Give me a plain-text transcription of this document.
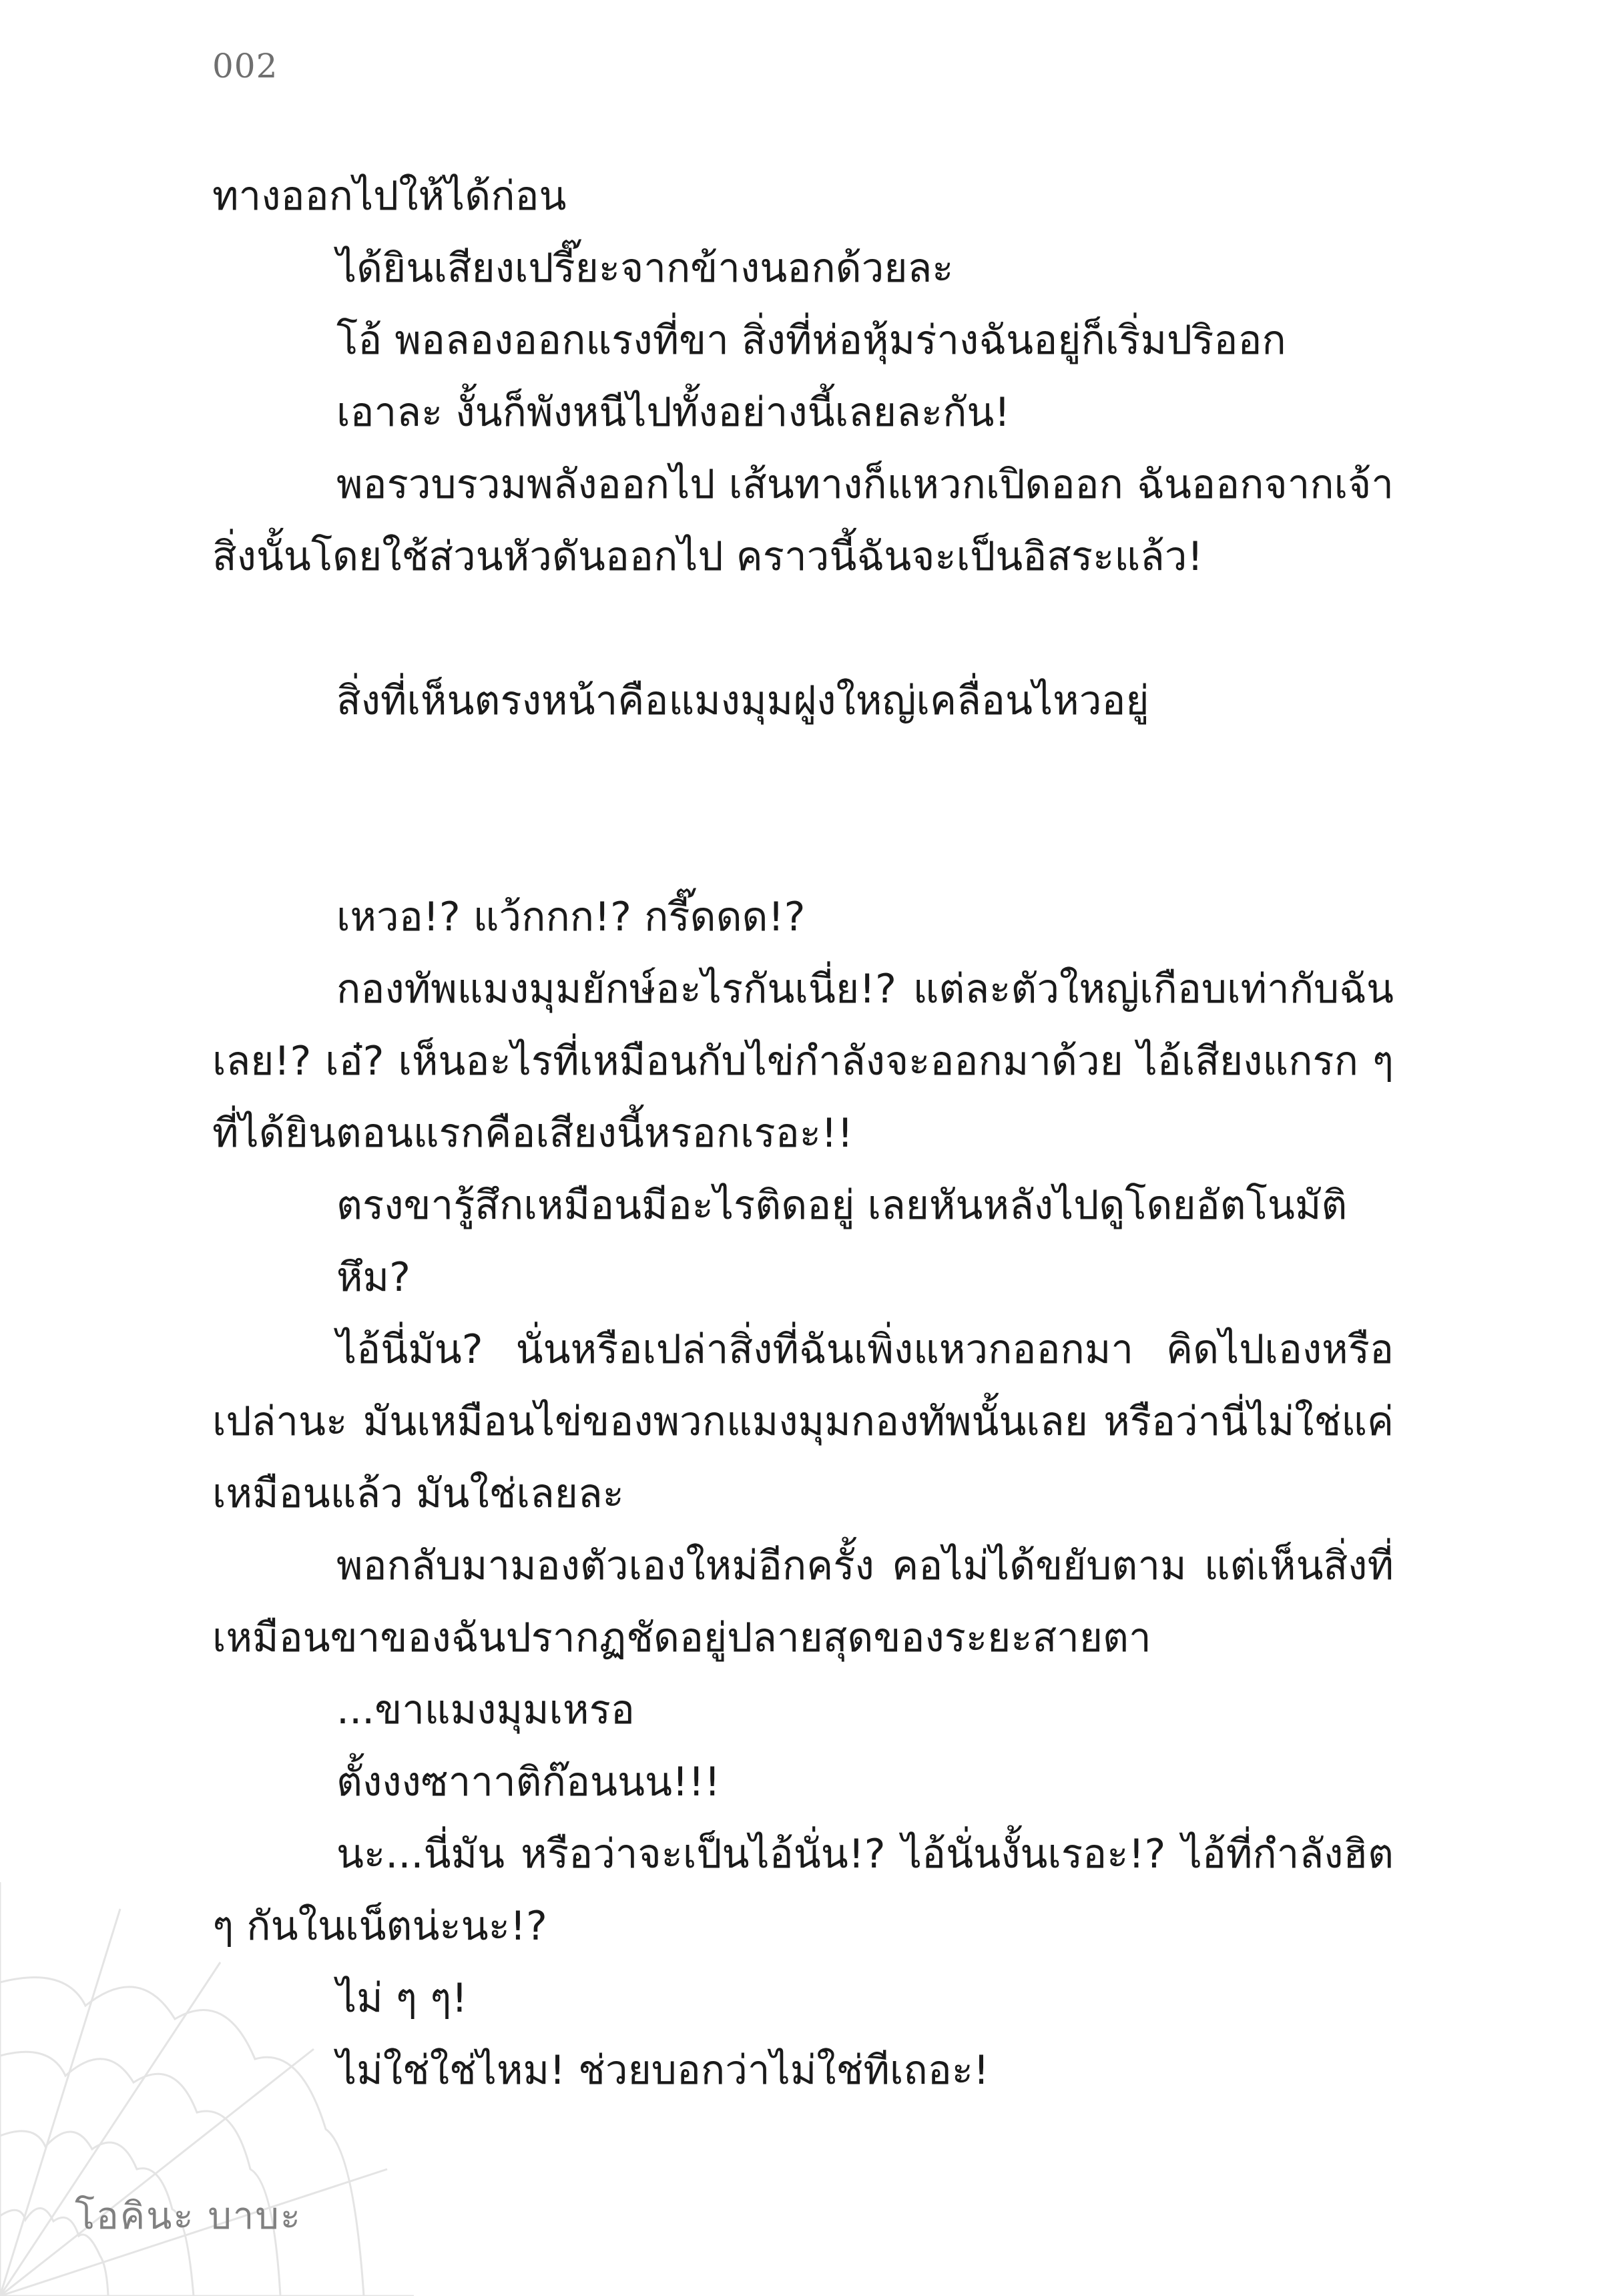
002

ทางออกไปให้ได้ก่อน

ได้ยินเสียงเปรี๊ยะจากข้างนอกด้วยละ

โอ้ พอลองออกแรงที่ขา สิ่งที่ห่อหุ้มร่างฉันอยู่ก็เริ่มปริออก

เอาละ งั้นก็พังหนีไปทั้งอย่างนี้เลยละกัน!

พอรวบรวมพลังออกไป เส้นทางก็แหวกเปิดออก ฉันออกจากเจ้าสิ่งนั้นโดยใช้ส่วนหัวดันออกไป คราวนี้ฉันจะเป็นอิสระแล้ว!

สิ่งที่เห็นตรงหน้าคือแมงมุมฝูงใหญ่เคลื่อนไหวอยู่

เหวอ!? แว้กกก!? กรี๊ดดด!?

กองทัพแมงมุมยักษ์อะไรกันเนี่ย!? แต่ละตัวใหญ่เกือบเท่ากับฉันเลย!? เอ๋? เห็นอะไรที่เหมือนกับไข่กำลังจะออกมาด้วย ไอ้เสียงแกรก ๆ ที่ได้ยินตอนแรกคือเสียงนี้หรอกเรอะ!!

ตรงขารู้สึกเหมือนมีอะไรติดอยู่ เลยหันหลังไปดูโดยอัตโนมัติ

หึม?

ไอ้นี่มัน? นั่นหรือเปล่าสิ่งที่ฉันเพิ่งแหวกออกมา คิดไปเองหรือเปล่านะ มันเหมือนไข่ของพวกแมงมุมกองทัพนั้นเลย หรือว่านี่ไม่ใช่แค่เหมือนแล้ว มันใช่เลยละ

พอกลับมามองตัวเองใหม่อีกครั้ง คอไม่ได้ขยับตาม แต่เห็นสิ่งที่เหมือนขาของฉันปรากฏชัดอยู่ปลายสุดของระยะสายตา

...ขาแมงมุมเหรอ

ตั้งงงซาาาติก๊อนนน!!!

นะ...นี่มัน หรือว่าจะเป็นไอ้นั่น!? ไอ้นั่นงั้นเรอะ!? ไอ้ที่กำลังฮิต ๆ กันในเน็ตน่ะนะ!?

ไม่ ๆ ๆ!

ไม่ใช่ใช่ไหม! ช่วยบอกว่าไม่ใช่ทีเถอะ!

โอคินะ บาบะ
